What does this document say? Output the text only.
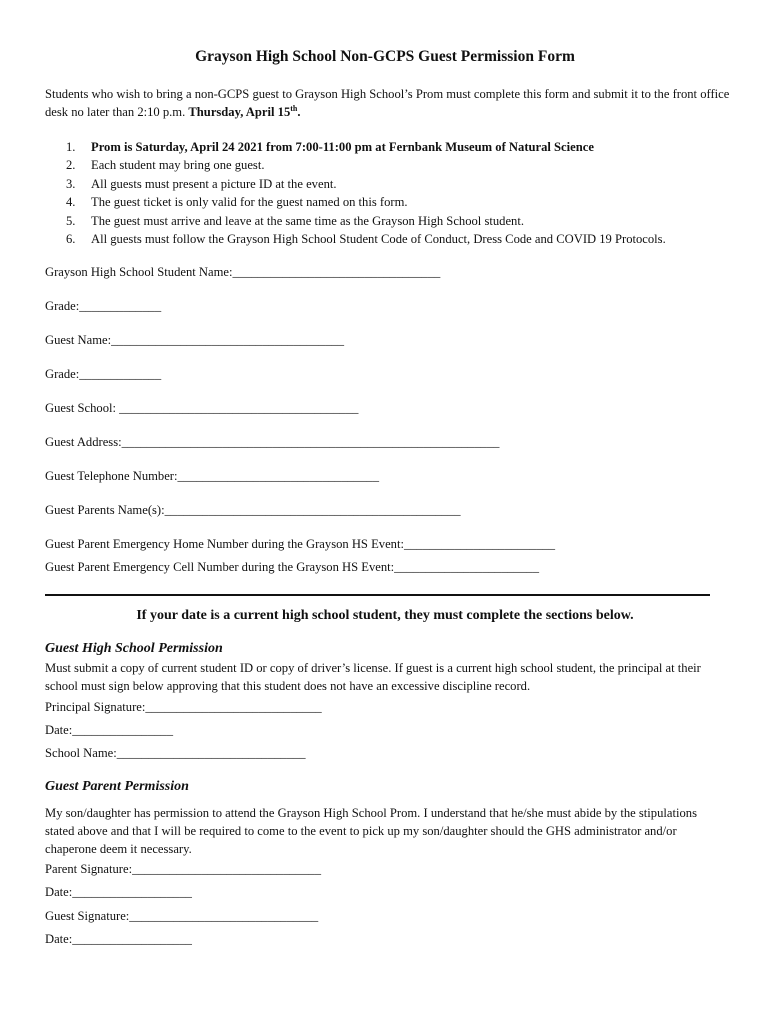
Grayson High School Non-GCPS Guest Permission Form
Students who wish to bring a non-GCPS guest to Grayson High School’s Prom must complete this form and submit it to the front office desk no later than 2:10 p.m. Thursday, April 15th.
1.	Prom is Saturday, April 24 2021 from 7:00-11:00 pm at Fernbank Museum of Natural Science
2.	Each student may bring one guest.
3.	All guests must present a picture ID at the event.
4.	The guest ticket is only valid for the guest named on this form.
5.	The guest must arrive and leave at the same time as the Grayson High School student.
6.	All guests must follow the Grayson High School Student Code of Conduct, Dress Code and COVID 19 Protocols.
Grayson High School Student Name:_________________________________
Grade:_____________
Guest Name:_____________________________________
Grade:_____________
Guest School: ______________________________________
Guest Address:____________________________________________________________
Guest Telephone Number:________________________________
Guest Parents Name(s):_______________________________________________
Guest Parent Emergency Home Number during the Grayson HS Event:________________________
Guest Parent Emergency Cell Number during the Grayson HS Event:_______________________
If your date is a current high school student, they must complete the sections below.
Guest High School Permission
Must submit a copy of current student ID or copy of driver’s license. If guest is a current high school student, the principal at their school must sign below approving that this student does not have an excessive discipline record.
Principal Signature:____________________________
Date:________________
School Name:______________________________
Guest Parent Permission
My son/daughter has permission to attend the Grayson High School Prom. I understand that he/she must abide by the stipulations stated above and that I will be required to come to the event to pick up my son/daughter should the GHS administrator and/or chaperone deem it necessary.
Parent Signature:______________________________
Date:___________________
Guest Signature:______________________________
Date:___________________
